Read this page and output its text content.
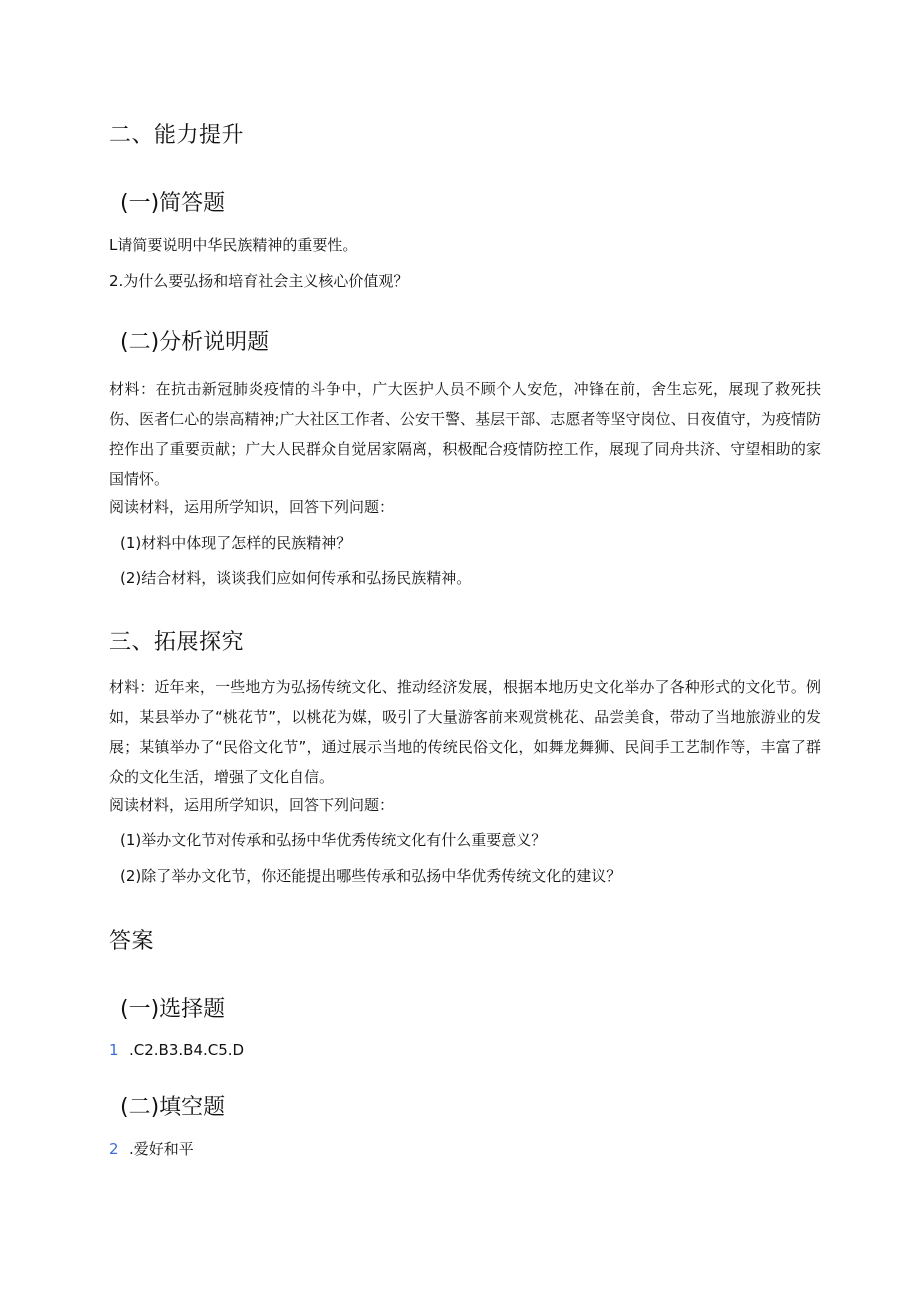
二、能力提升
(一)简答题

L请简要说明中华民族精神的重要性。

2.为什么要弘扬和培育社会主义核心价值观？

(二)分析说明题

材料：在抗击新冠肺炎疫情的斗争中，广大医护人员不顾个人安危，冲锋在前，舍生忘死，展现了救死扶伤、医者仁心的崇高精神;广大社区工作者、公安干警、基层干部、志愿者等坚守岗位、日夜值守，为疫情防控作出了重要贡献；广大人民群众自觉居家隔离，积极配合疫情防控工作，展现了同舟共济、守望相助的家国情怀。

阅读材料，运用所学知识，回答下列问题：

(1)材料中体现了怎样的民族精神？

(2)结合材料，谈谈我们应如何传承和弘扬民族精神。

三、拓展探究

材料：近年来，一些地方为弘扬传统文化、推动经济发展，根据本地历史文化举办了各种形式的文化节。例如，某县举办了“桃花节”，以桃花为媒，吸引了大量游客前来观赏桃花、品尝美食，带动了当地旅游业的发展；某镇举办了“民俗文化节”，通过展示当地的传统民俗文化，如舞龙舞狮、民间手工艺制作等，丰富了群众的文化生活，增强了文化自信。

阅读材料，运用所学知识，回答下列问题：

(1)举办文化节对传承和弘扬中华优秀传统文化有什么重要意义？

(2)除了举办文化节，你还能提出哪些传承和弘扬中华优秀传统文化的建议？

答案
(一)选择题
1 .C2.B3.B4.C5.D
(二)填空题
2 .爱好和平
